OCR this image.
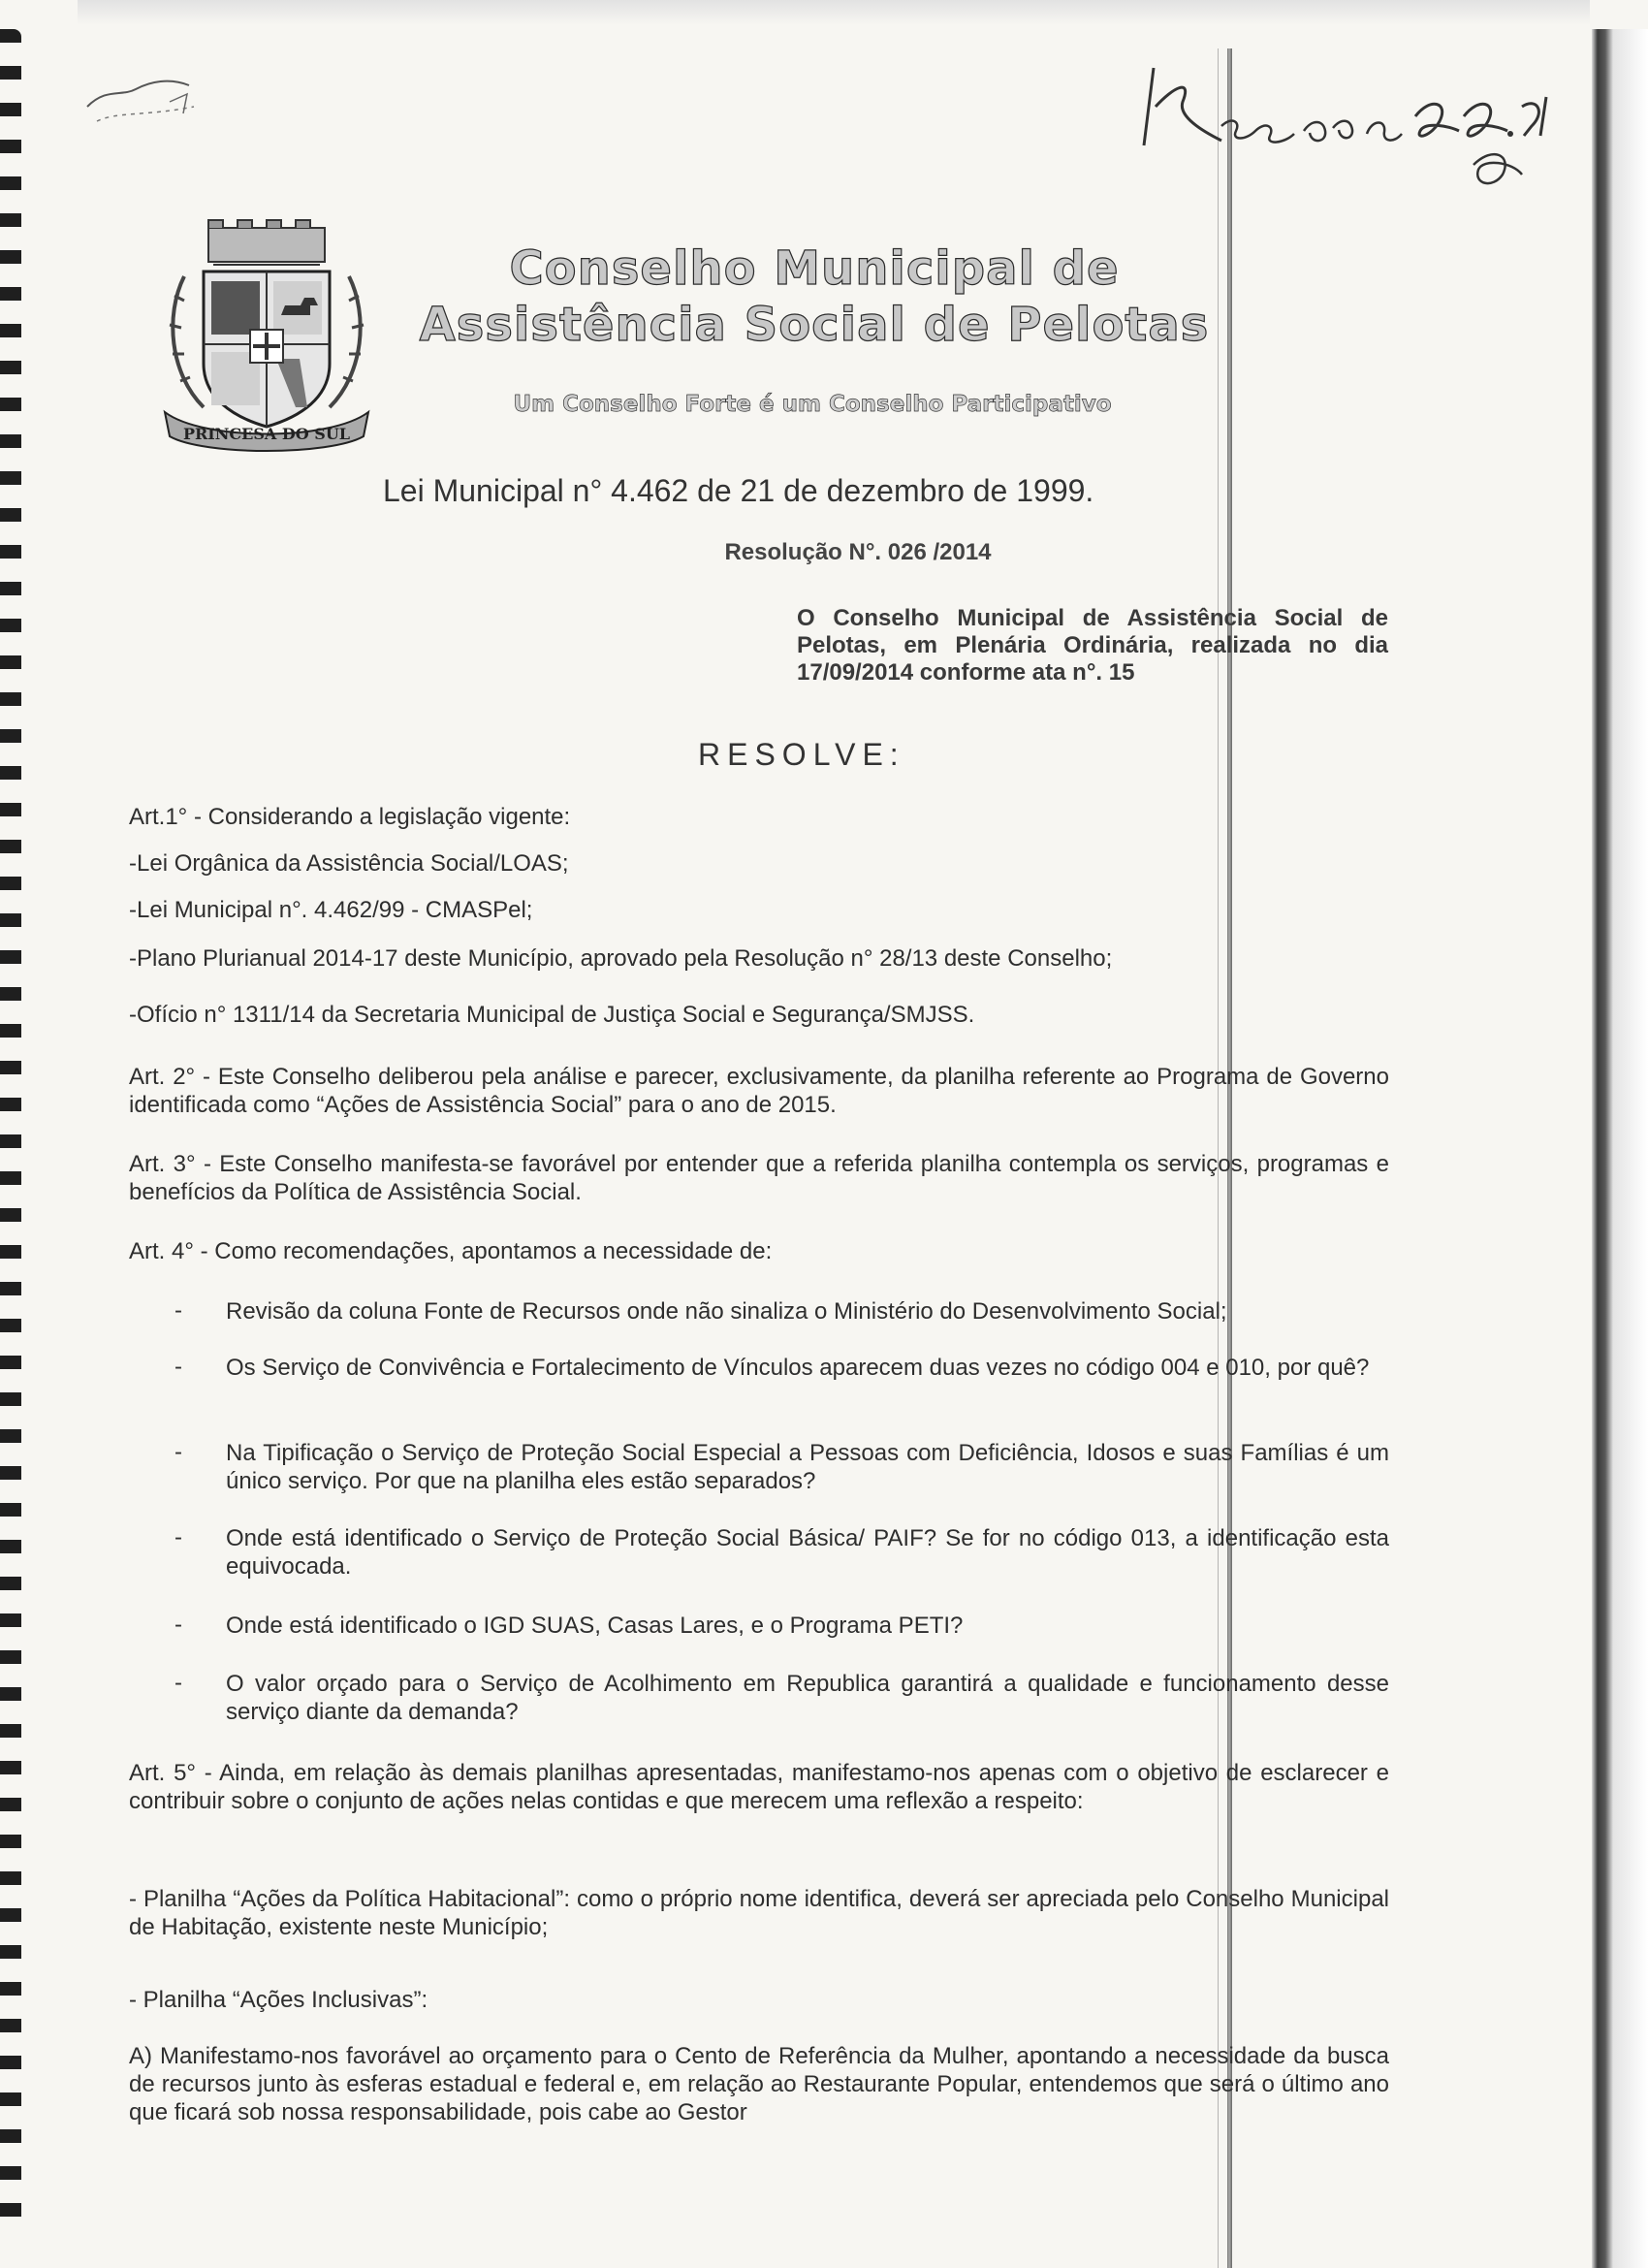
PRINCESA DO SUL
Conselho Municipal de
Assistência Social de Pelotas
Um Conselho Forte é um Conselho Participativo
Lei Municipal n° 4.462 de 21 de dezembro de 1999.
Resolução N°. 026 /2014
O Conselho Municipal de Assistência Social de Pelotas, em Plenária Ordinária, realizada no dia 17/09/2014 conforme ata n°. 15
RESOLVE:
Art.1° - Considerando a legislação vigente:
-Lei Orgânica da Assistência Social/LOAS;
-Lei Municipal n°. 4.462/99 - CMASPel;
-Plano Plurianual 2014-17 deste Município, aprovado pela Resolução n° 28/13 deste Conselho;
-Ofício n° 1311/14 da Secretaria Municipal de Justiça Social e Segurança/SMJSS.
Art. 2° - Este Conselho deliberou pela análise e parecer, exclusivamente, da planilha referente ao Programa de Governo identificada como “Ações de Assistência Social” para o ano de 2015.
Art. 3° - Este Conselho manifesta-se favorável por entender que a referida planilha contempla os serviços, programas e benefícios da Política de Assistência Social.
Art. 4° - Como recomendações, apontamos a necessidade de:
- Revisão da coluna Fonte de Recursos onde não sinaliza o Ministério do Desenvolvimento Social;
- Os Serviço de Convivência e Fortalecimento de Vínculos aparecem duas vezes no código 004 e 010, por quê?
- Na Tipificação o Serviço de Proteção Social Especial a Pessoas com Deficiência, Idosos e suas Famílias é um único serviço. Por que na planilha eles estão separados?
- Onde está identificado o Serviço de Proteção Social Básica/ PAIF? Se for no código 013, a identificação esta equivocada.
- Onde está identificado o IGD SUAS, Casas Lares, e o Programa PETI?
- O valor orçado para o Serviço de Acolhimento em Republica garantirá a qualidade e funcionamento desse serviço diante da demanda?
Art. 5° - Ainda, em relação às demais planilhas apresentadas, manifestamo-nos apenas com o objetivo de esclarecer e contribuir sobre o conjunto de ações nelas contidas e que merecem uma reflexão a respeito:
- Planilha “Ações da Política Habitacional”: como o próprio nome identifica, deverá ser apreciada pelo Conselho Municipal de Habitação, existente neste Município;
- Planilha “Ações Inclusivas”:
A) Manifestamo-nos favorável ao orçamento para o Cento de Referência da Mulher, apontando a necessidade da busca de recursos junto às esferas estadual e federal e, em relação ao Restaurante Popular, entendemos que será o último ano que ficará sob nossa responsabilidade, pois cabe ao Gestor
